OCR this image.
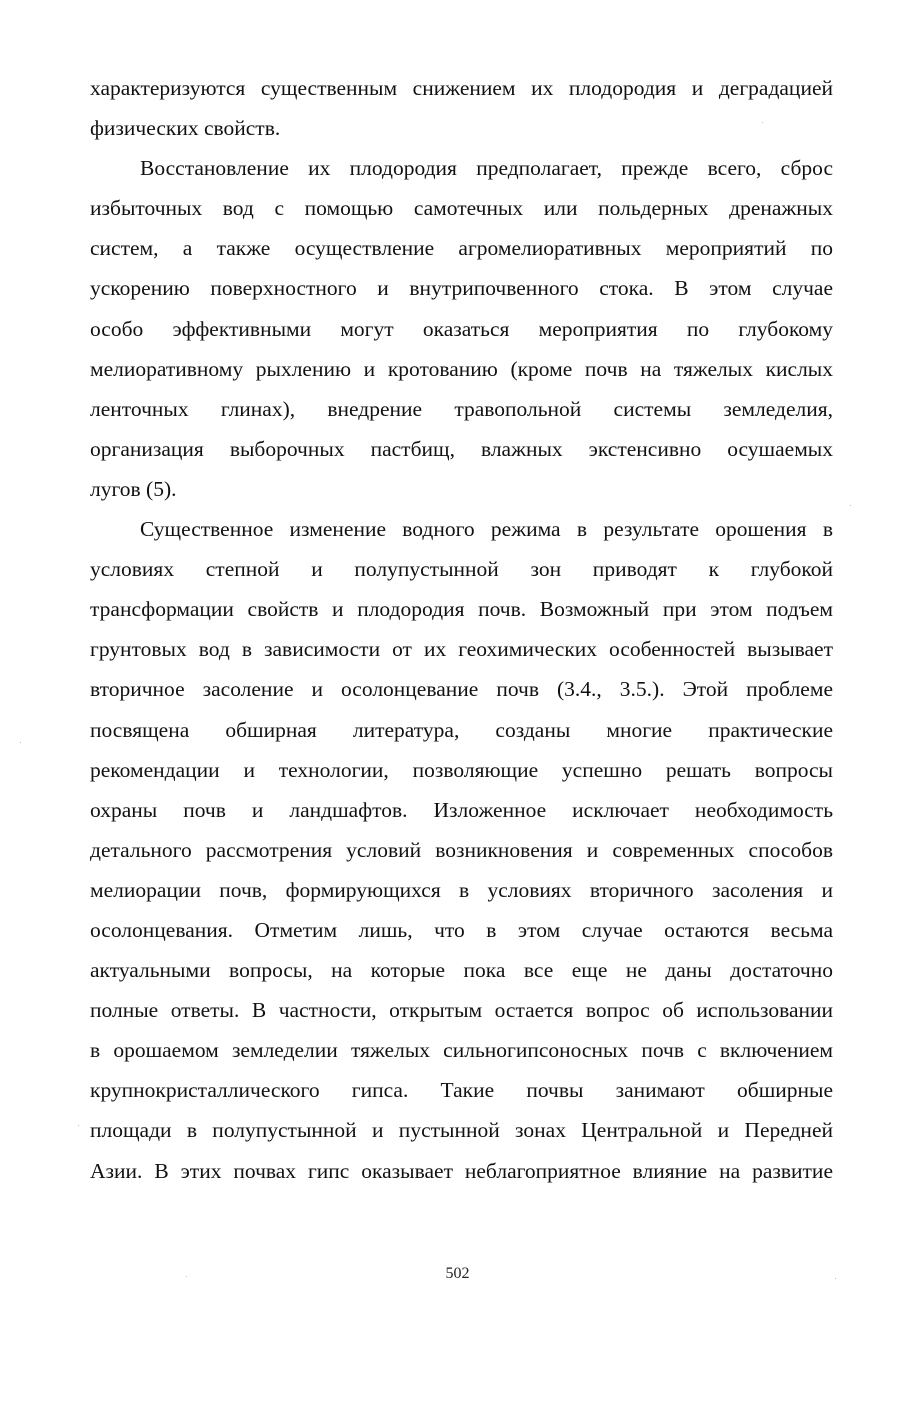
характеризуются существенным снижением их плодородия и деградацией
физических свойств.

Восстановление их плодородия предполагает, прежде всего, сброс
избыточных вод с помощью самотечных или польдерных дренажных
систем, а также осуществление агромелиоративных мероприятий по
ускорению поверхностного и внутрипочвенного стока. В этом случае
особо эффективными могут оказаться мероприятия по глубокому
мелиоративному рыхлению и кротованию (кроме почв на тяжелых кислых
ленточных глинах), внедрение травопольной системы земледелия,
организация выборочных пастбищ, влажных экстенсивно осушаемых
лугов (5).

Существенное изменение водного режима в результате орошения в
условиях степной и полупустынной зон приводят к глубокой
трансформации свойств и плодородия почв. Возможный при этом подъем
грунтовых вод в зависимости от их геохимических особенностей вызывает
вторичное засоление и осолонцевание почв (3.4., 3.5.). Этой проблеме
посвящена обширная литература, созданы многие практические
рекомендации и технологии, позволяющие успешно решать вопросы
охраны почв и ландшафтов. Изложенное исключает необходимость
детального рассмотрения условий возникновения и современных способов
мелиорации почв, формирующихся в условиях вторичного засоления и
осолонцевания. Отметим лишь, что в этом случае остаются весьма
актуальными вопросы, на которые пока все еще не даны достаточно
полные ответы. В частности, открытым остается вопрос об использовании
в орошаемом земледелии тяжелых сильногипсоносных почв с включением
крупнокристаллического гипса. Такие почвы занимают обширные
площади в полупустынной и пустынной зонах Центральной и Передней
Азии. В этих почвах гипс оказывает неблагоприятное влияние на развитие

502
